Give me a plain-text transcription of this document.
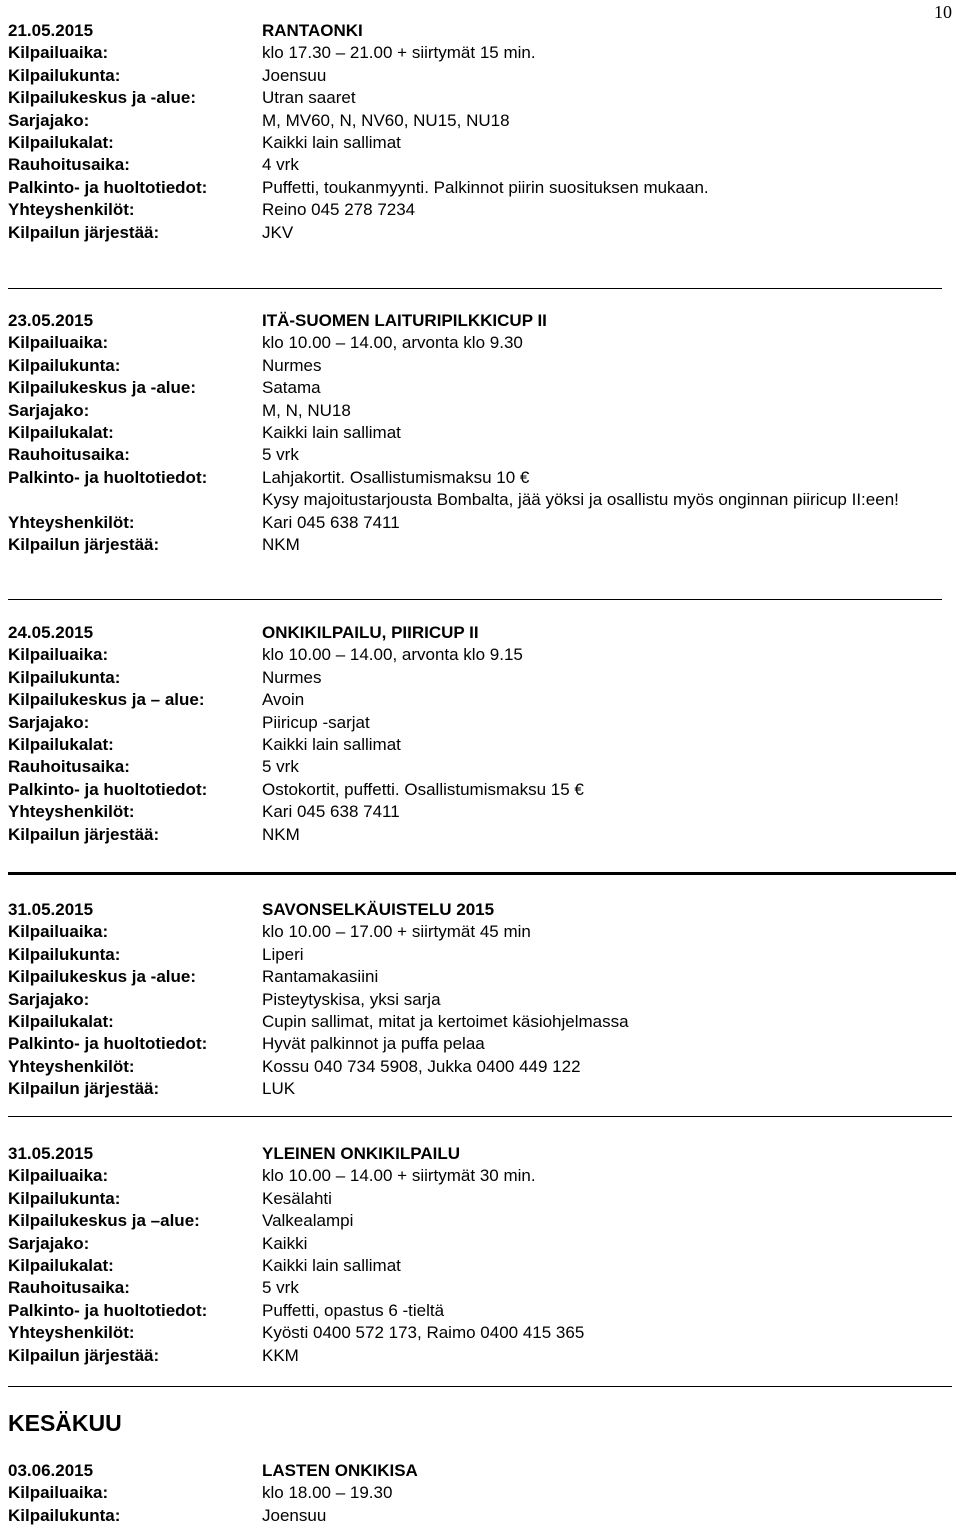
10
21.05.2015	RANTAONKI
Kilpailuaika:	klo 17.30 – 21.00 + siirtymät 15 min.
Kilpailukunta:	Joensuu
Kilpailukeskus ja -alue:	Utran saaret
Sarjajako:	M, MV60, N, NV60, NU15, NU18
Kilpailukalat:	Kaikki lain sallimat
Rauhoitusaika:	4 vrk
Palkinto- ja huoltotiedot:	Puffetti, toukanmyynti. Palkinnot piirin suosituksen mukaan.
Yhteyshenkilöt:	Reino 045 278 7234
Kilpailun järjestää:	JKV
23.05.2015	ITÄ-SUOMEN LAITURIPILKKICUP II
Kilpailuaika:	klo 10.00 – 14.00, arvonta klo 9.30
Kilpailukunta:	Nurmes
Kilpailukeskus ja -alue:	Satama
Sarjajako:	M, N, NU18
Kilpailukalat:	Kaikki lain sallimat
Rauhoitusaika:	5 vrk
Palkinto- ja huoltotiedot:	Lahjakortit. Osallistumismaksu 10 €
Kysy majoitustarjousta Bombalta, jää yöksi ja osallistu myös onginnan piiricup II:een!
Yhteyshenkilöt:	Kari 045 638 7411
Kilpailun järjestää:	NKM
24.05.2015	ONKIKILPAILU, PIIRICUP II
Kilpailuaika:	klo 10.00 – 14.00, arvonta klo 9.15
Kilpailukunta:	Nurmes
Kilpailukeskus ja – alue:	Avoin
Sarjajako:	Piiricup -sarjat
Kilpailukalat:	Kaikki lain sallimat
Rauhoitusaika:	5 vrk
Palkinto- ja huoltotiedot:	Ostokortit, puffetti. Osallistumismaksu 15 €
Yhteyshenkilöt:	Kari 045 638 7411
Kilpailun järjestää:	NKM
31.05.2015	SAVONSELKÄUISTELU 2015
Kilpailuaika:	klo 10.00 – 17.00 + siirtymät 45 min
Kilpailukunta:	Liperi
Kilpailukeskus ja -alue:	Rantamakasiini
Sarjajako:	Pisteytyskisa, yksi sarja
Kilpailukalat:	Cupin sallimat, mitat ja kertoimet käsiohjelmassa
Palkinto- ja huoltotiedot:	Hyvät palkinnot ja puffa pelaa
Yhteyshenkilöt:	Kossu 040 734 5908, Jukka 0400 449 122
Kilpailun järjestää:	LUK
31.05.2015	YLEINEN ONKIKILPAILU
Kilpailuaika:	klo 10.00 – 14.00 + siirtymät 30 min.
Kilpailukunta:	Kesälahti
Kilpailukeskus ja –alue:	Valkealampi
Sarjajako:	Kaikki
Kilpailukalat:	Kaikki lain sallimat
Rauhoitusaika:	5 vrk
Palkinto- ja huoltotiedot:	Puffetti, opastus 6 -tieltä
Yhteyshenkilöt:	Kyösti 0400 572 173, Raimo 0400 415 365
Kilpailun järjestää:	KKM
KESÄKUU
03.06.2015	LASTEN ONKIKISA
Kilpailuaika:	klo 18.00 – 19.30
Kilpailukunta:	Joensuu
